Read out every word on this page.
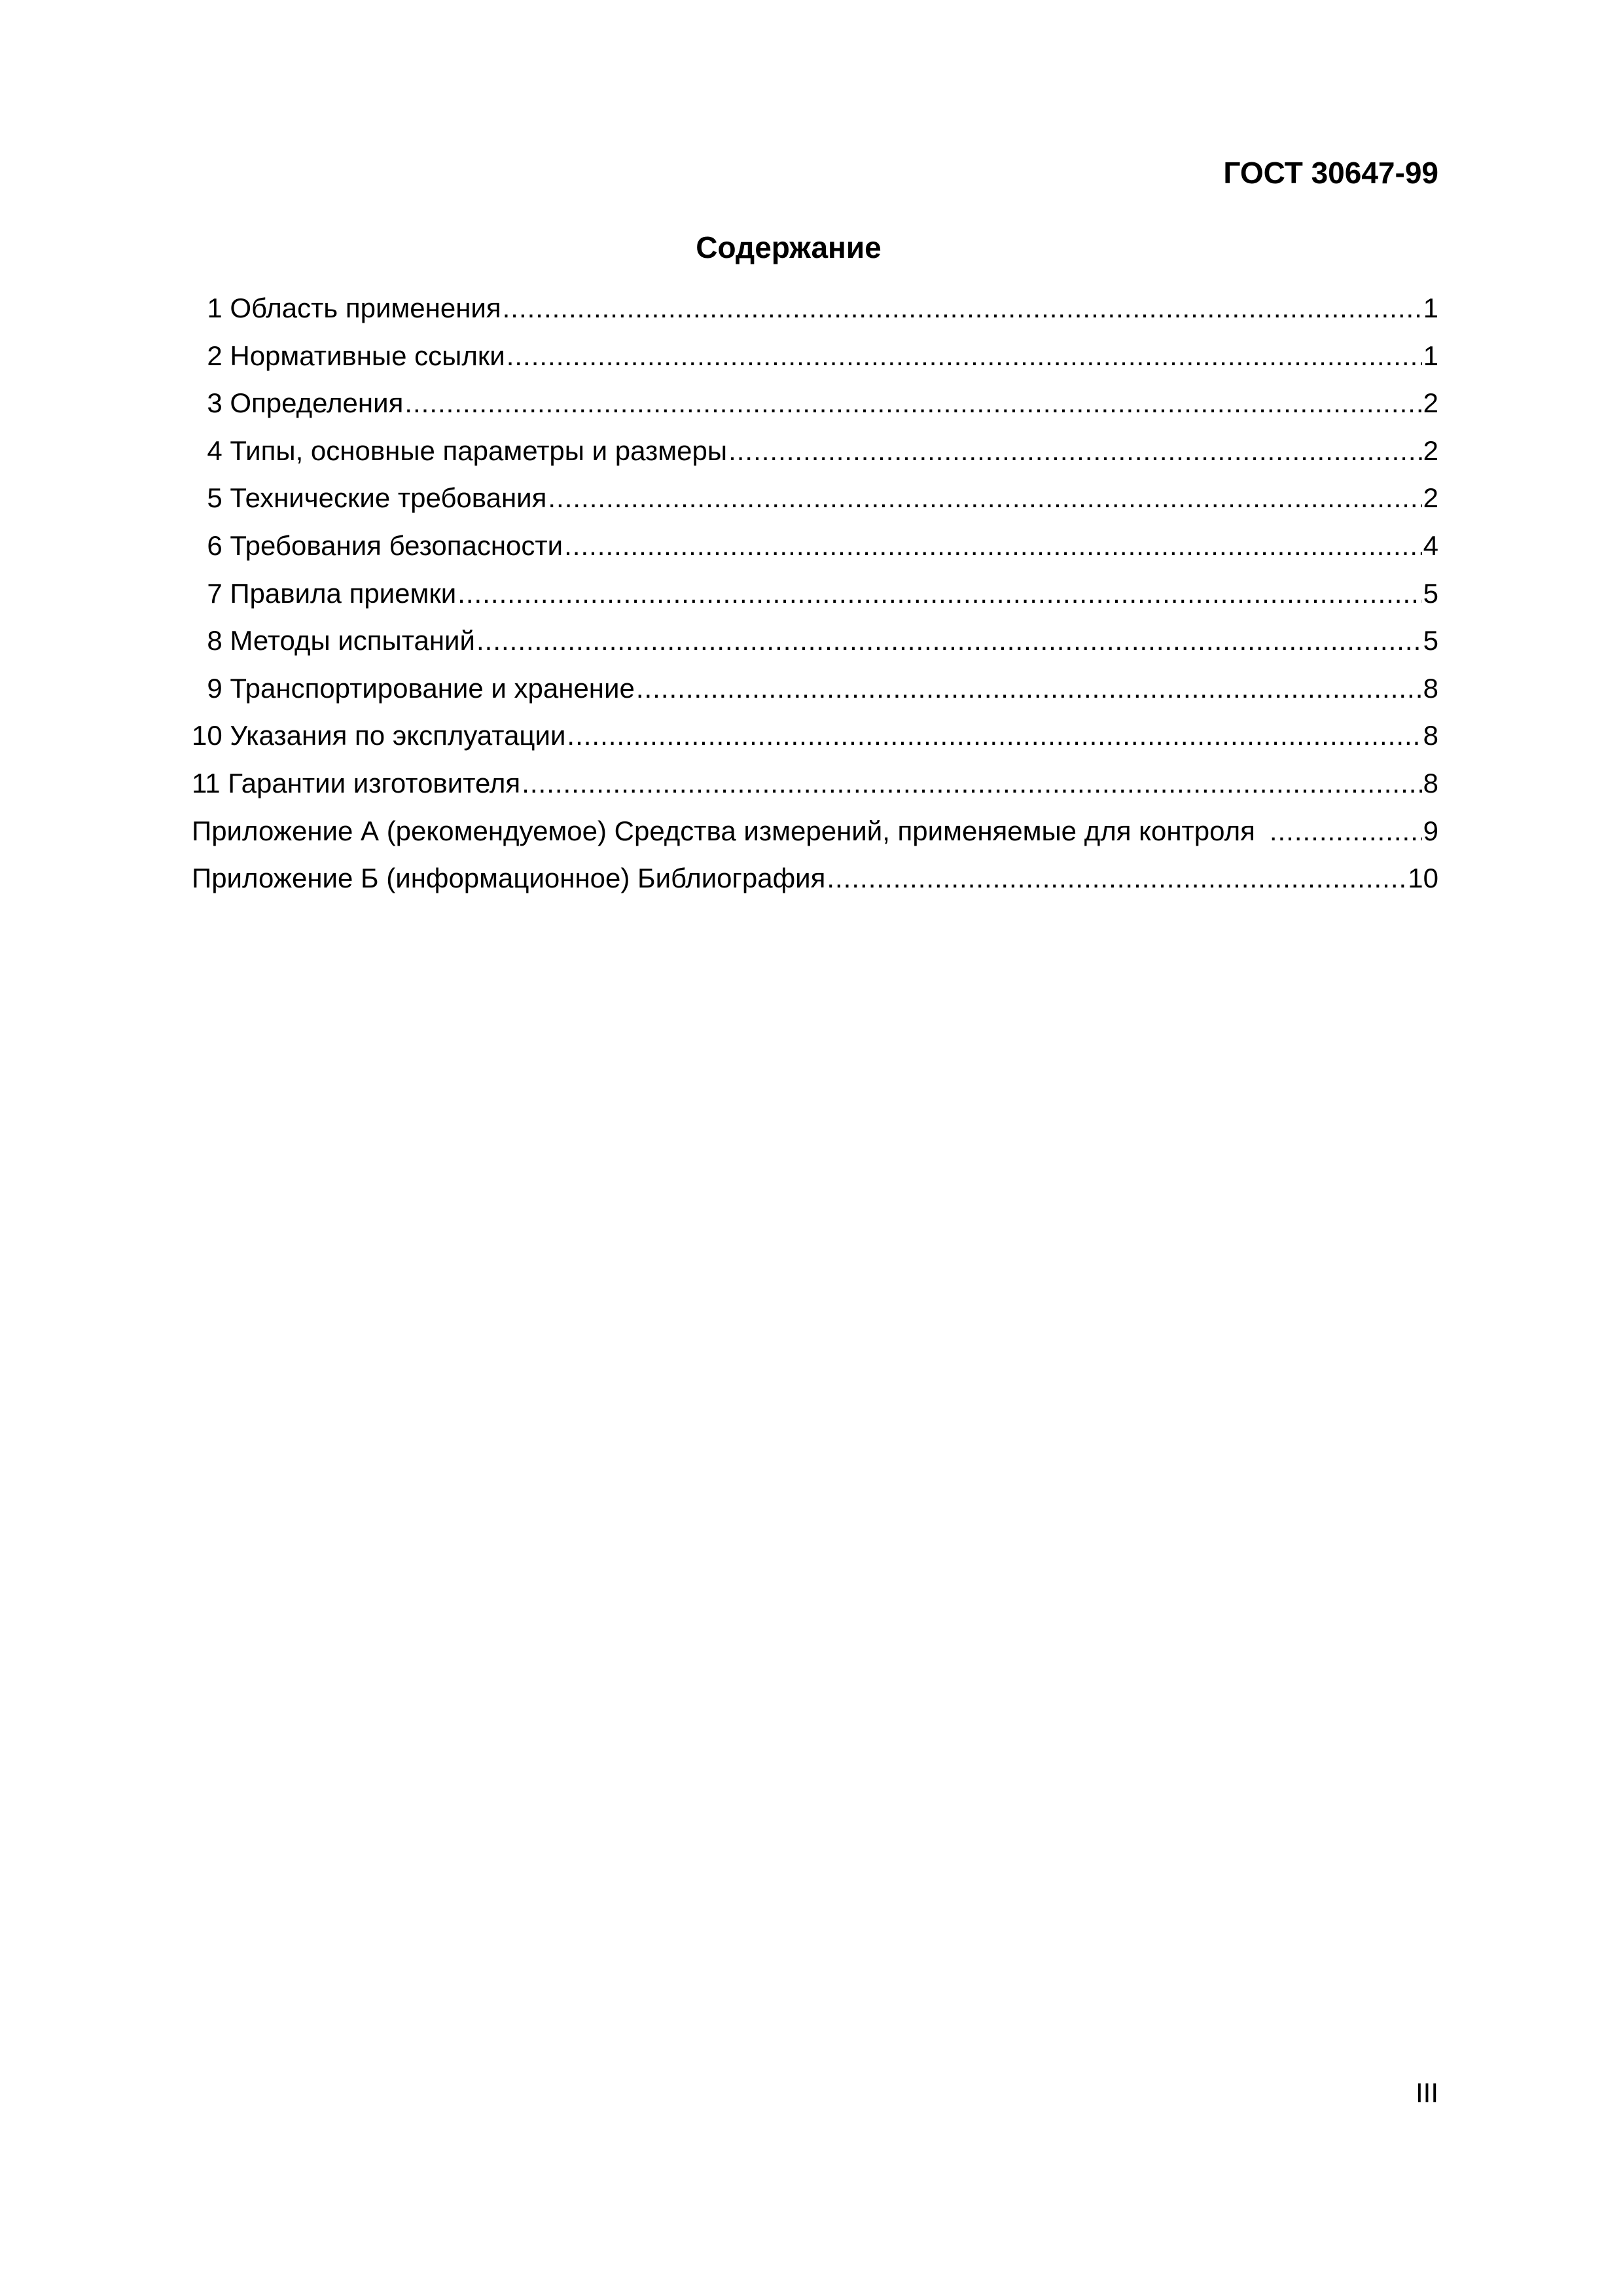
ГОСТ 30647-99
Содержание
1 Область применения .....	1
2 Нормативные ссылки .....	1
3 Определения .....	2
4 Типы, основные параметры и размеры .....	2
5 Технические требования .....	2
6 Требования безопасности .....	4
7 Правила приемки .....	5
8 Методы испытаний .....	5
9 Транспортирование и хранение .....	8
10 Указания по эксплуатации .....	8
11 Гарантии изготовителя .....	8
Приложение А (рекомендуемое) Средства измерений, применяемые для контроля .....	9
Приложение Б (информационное) Библиография .....	10
III
